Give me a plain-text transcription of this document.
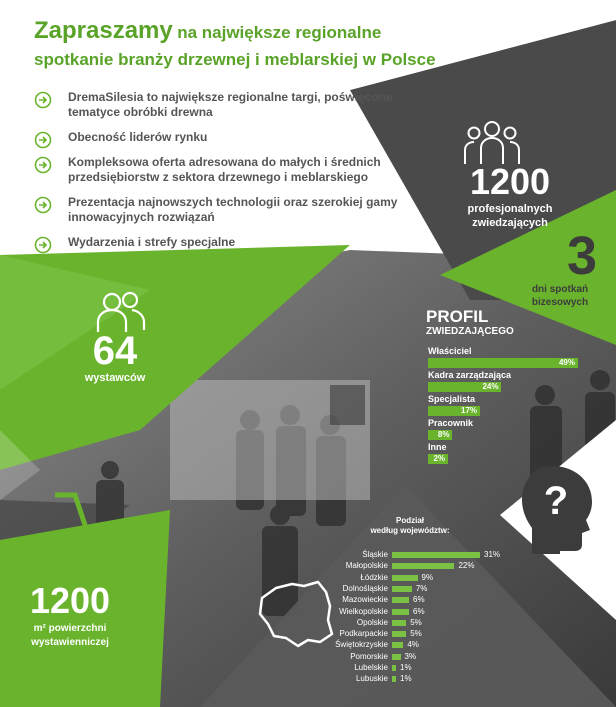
Zapraszamy na największe regionalne
spotkanie branży drzewnej i meblarskiej w Polsce
DremaSilesia to największe regionalne targi, poświęcone tematyce obróbki drewna
Obecność liderów rynku
Kompleksowa oferta adresowana do małych i średnich przedsiębiorstw z sektora drzewnego i meblarskiego
Prezentacja najnowszych technologii oraz szerokiej gamy innowacyjnych rozwiązań
Wydarzenia i strefy specjalne
1200
profesjonalnych
zwiedzających
3
dni spotkań
bizesowych
64
wystawców
1200
m² powierzchni
wystawienniczej
PROFIL
ZWIEDZAJĄCEGO
Właściciel
49%
Kadra zarządzająca
24%
Specjalista
17%
Pracownik
8%
Inne
2%
?
Podział
według województw:
Śląskie	31%
Małopolskie	22%
Łódzkie	9%
Dolnośląskie	7%
Mazowieckie	6%
Wielkopolskie	6%
Opolskie	5%
Podkarpackie	5%
Świętokrzyskie 4%
Pomorskie 3%
Lubelskie 1%
Lubuskie 1%
